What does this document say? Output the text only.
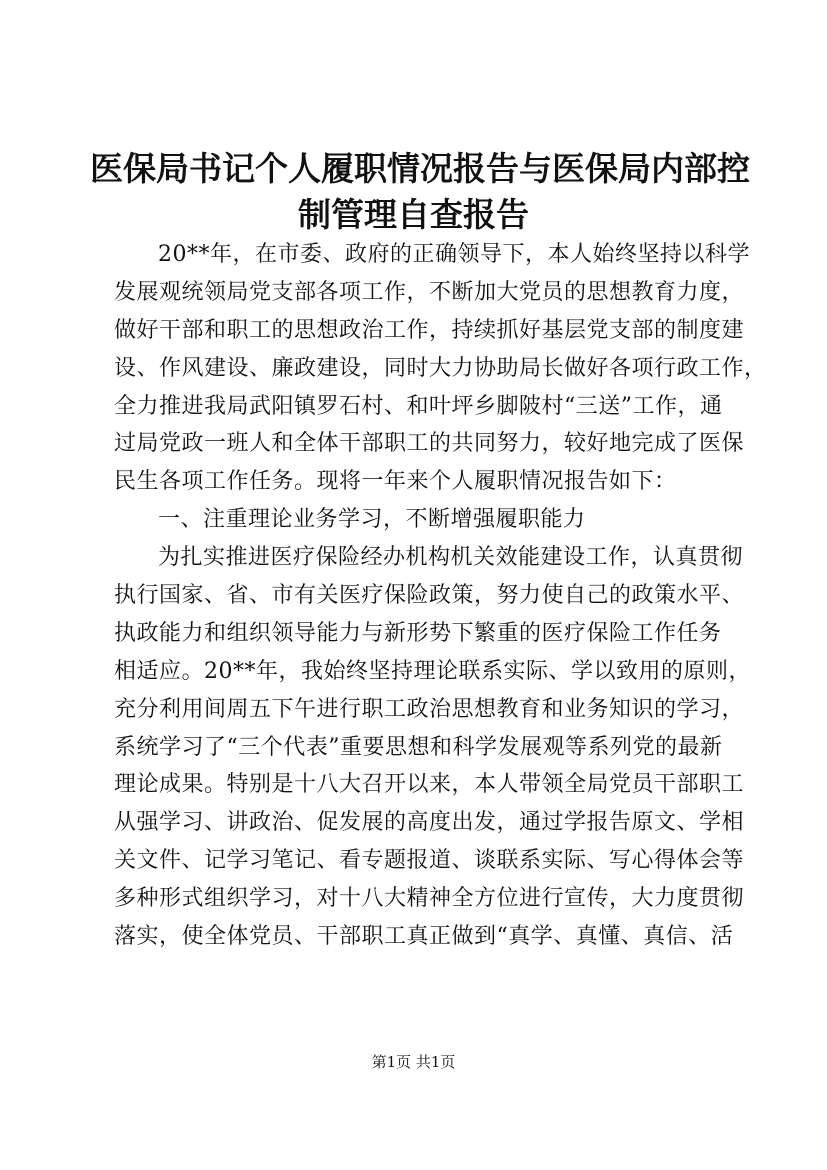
医保局书记个人履职情况报告与医保局内部控
制管理自查报告
20**年，在市委、政府的正确领导下，本人始终坚持以科学
发展观统领局党支部各项工作，不断加大党员的思想教育力度，
做好干部和职工的思想政治工作，持续抓好基层党支部的制度建
设、作风建设、廉政建设，同时大力协助局长做好各项行政工作，
全力推进我局武阳镇罗石村、和叶坪乡脚陂村“三送”工作，通
过局党政一班人和全体干部职工的共同努力，较好地完成了医保
民生各项工作任务。现将一年来个人履职情况报告如下：
一、注重理论业务学习，不断增强履职能力
为扎实推进医疗保险经办机构机关效能建设工作，认真贯彻
执行国家、省、市有关医疗保险政策，努力使自己的政策水平、
执政能力和组织领导能力与新形势下繁重的医疗保险工作任务
相适应。20**年，我始终坚持理论联系实际、学以致用的原则，
充分利用间周五下午进行职工政治思想教育和业务知识的学习，
系统学习了“三个代表”重要思想和科学发展观等系列党的最新
理论成果。特别是十八大召开以来，本人带领全局党员干部职工
从强学习、讲政治、促发展的高度出发，通过学报告原文、学相
关文件、记学习笔记、看专题报道、谈联系实际、写心得体会等
多种形式组织学习，对十八大精神全方位进行宣传，大力度贯彻
落实，使全体党员、干部职工真正做到“真学、真懂、真信、活
第1页 共1页
